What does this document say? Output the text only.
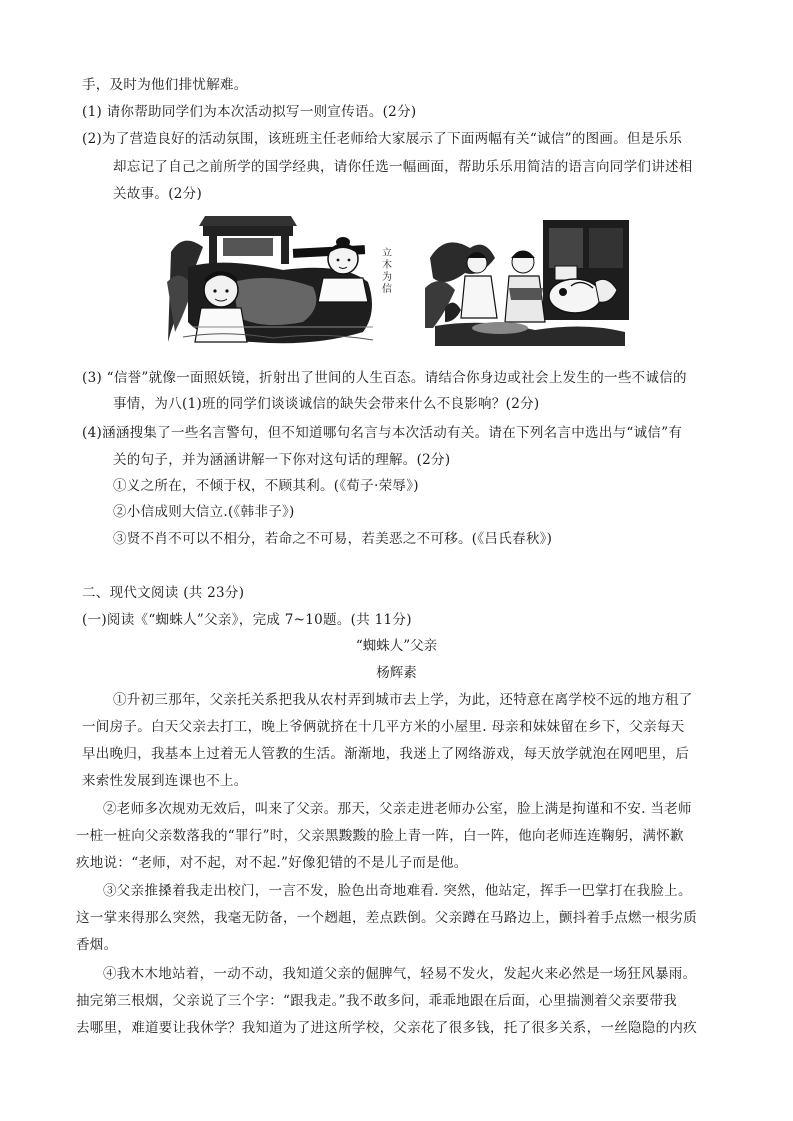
手，及时为他们排忧解难。
(1) 请你帮助同学们为本次活动拟写一则宣传语。(2分)
(2)为了营造良好的活动氛围，该班班主任老师给大家展示了下面两幅有关“诚信”的图画。但是乐乐
却忘记了自己之前所学的国学经典，请你任选一幅画面，帮助乐乐用简洁的语言向同学们讲述相
关故事。(2分)
立木为信
(3) “信誉”就像一面照妖镜，折射出了世间的人生百态。请结合你身边或社会上发生的一些不诚信的
事情，为八(1)班的同学们谈谈诚信的缺失会带来什么不良影响？(2分)
(4)涵涵搜集了一些名言警句，但不知道哪句名言与本次活动有关。请在下列名言中选出与“诚信”有
关的句子，并为涵涵讲解一下你对这句话的理解。(2分)
①义之所在，不倾于权，不顾其利。(《荀子·荣辱》)
②小信成则大信立.(《韩非子》)
③贤不肖不可以不相分，若命之不可易，若美恶之不可移。(《吕氏春秋》)
二、现代文阅读 (共 23分)
(一)阅读《“蜘蛛人”父亲》，完成 7~10题。(共 11分)
“蜘蛛人”父亲
杨辉素
①升初三那年，父亲托关系把我从农村弄到城市去上学，为此，还特意在离学校不远的地方租了
一间房子。白天父亲去打工，晚上爷俩就挤在十几平方米的小屋里. 母亲和妹妹留在乡下，父亲每天
早出晚归，我基本上过着无人管教的生活。渐渐地，我迷上了网络游戏，每天放学就泡在网吧里，后
来索性发展到连课也不上。
②老师多次规劝无效后，叫来了父亲。那天，父亲走进老师办公室，脸上满是拘谨和不安. 当老师
一桩一桩向父亲数落我的“罪行”时，父亲黑黢黢的脸上青一阵，白一阵，他向老师连连鞠躬，满怀歉
疚地说：“老师，对不起，对不起.”好像犯错的不是儿子而是他。
③父亲推搡着我走出校门，一言不发，脸色出奇地难看. 突然，他站定，挥手一巴掌打在我脸上。
这一掌来得那么突然，我毫无防备，一个趔趄，差点跌倒。父亲蹲在马路边上，颤抖着手点燃一根劣质
香烟。
④我木木地站着，一动不动，我知道父亲的倔脾气，轻易不发火，发起火来必然是一场狂风暴雨。
抽完第三根烟，父亲说了三个字：“跟我走。”我不敢多问，乖乖地跟在后面，心里揣测着父亲要带我
去哪里，难道要让我休学？我知道为了进这所学校，父亲花了很多钱，托了很多关系，一丝隐隐的内疚
